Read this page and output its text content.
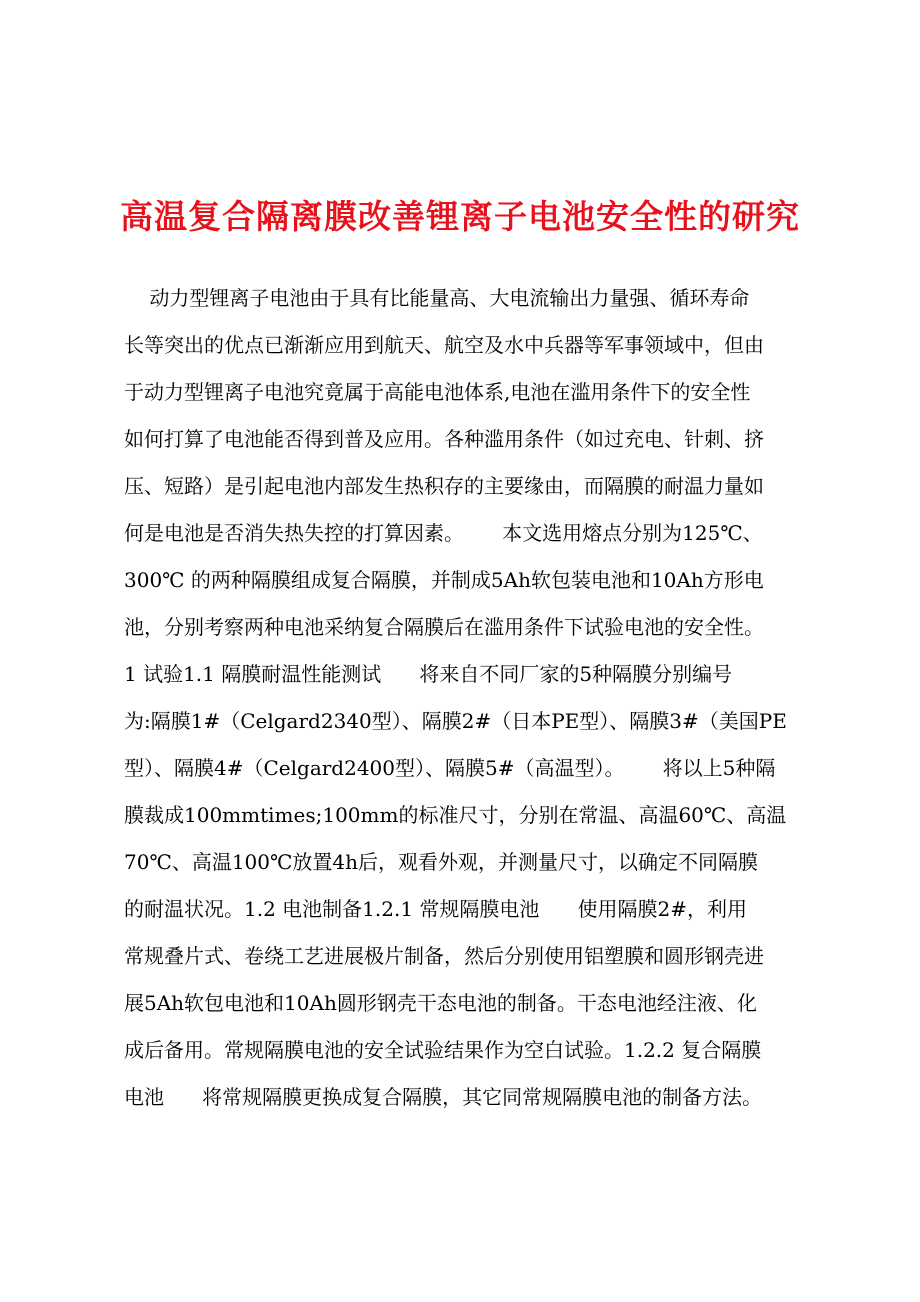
高温复合隔离膜改善锂离子电池安全性的研究
动力型锂离子电池由于具有比能量高、大电流输出力量强、循环寿命
长等突出的优点已渐渐应用到航天、航空及水中兵器等军事领域中，但由
于动力型锂离子电池究竟属于高能电池体系,电池在滥用条件下的安全性
如何打算了电池能否得到普及应用。各种滥用条件（如过充电、针刺、挤
压、短路）是引起电池内部发生热积存的主要缘由，而隔膜的耐温力量如
何是电池是否消失热失控的打算因素。      本文选用熔点分别为125℃、
300℃ 的两种隔膜组成复合隔膜，并制成5Ah软包装电池和10Ah方形电
池，分别考察两种电池采纳复合隔膜后在滥用条件下试验电池的安全性。
1 试验1.1 隔膜耐温性能测试      将来自不同厂家的5种隔膜分别编号
为:隔膜1#（Celgard2340型）、隔膜2#（日本PE型）、隔膜3#（美国PE
型）、隔膜4#（Celgard2400型）、隔膜5#（高温型）。      将以上5种隔
膜裁成100mmtimes;100mm的标准尺寸，分别在常温、高温60℃、高温
70℃、高温100℃放置4h后，观看外观，并测量尺寸，以确定不同隔膜
的耐温状况。1.2 电池制备1.2.1 常规隔膜电池      使用隔膜2#，利用
常规叠片式、卷绕工艺进展极片制备，然后分别使用铝塑膜和圆形钢壳进
展5Ah软包电池和10Ah圆形钢壳干态电池的制备。干态电池经注液、化
成后备用。常规隔膜电池的安全试验结果作为空白试验。1.2.2 复合隔膜
电池      将常规隔膜更换成复合隔膜，其它同常规隔膜电池的制备方法。
